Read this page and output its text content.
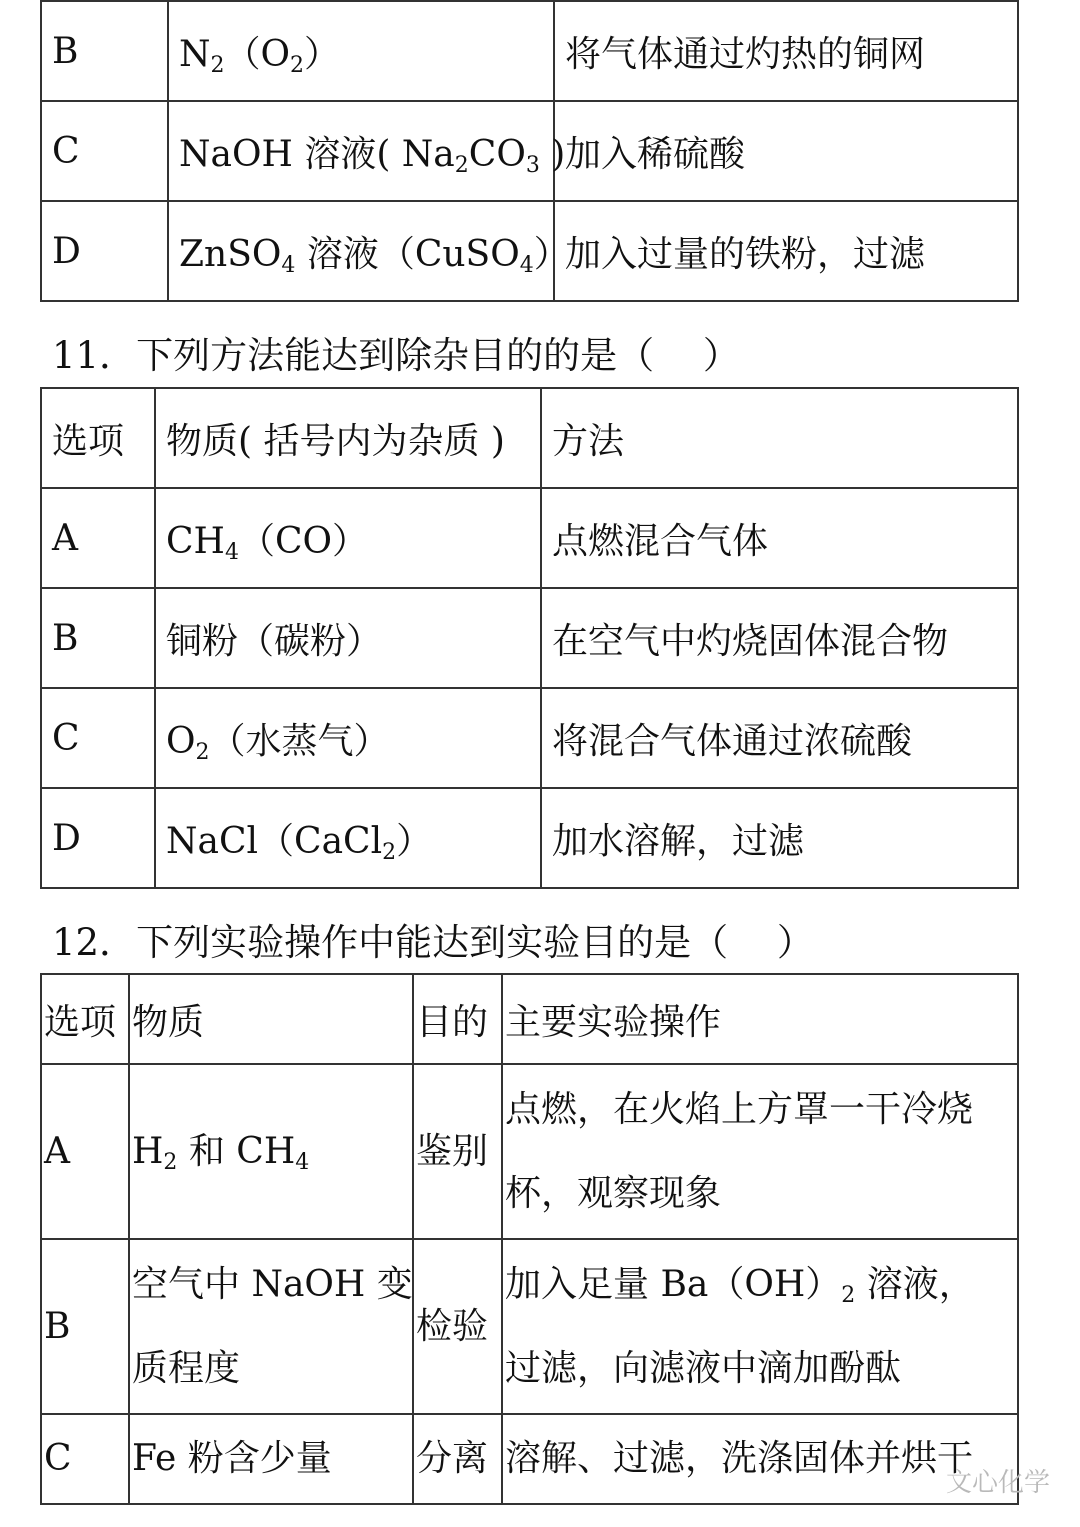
B	$N_2(O_2)$	将气体通过灼热的铜网
C	NaOH 溶液( $Na_2CO_3$ )	加入稀硫酸
D	ZnSO$_4$ 溶液（CuSO$_4$）	加入过量的铁粉，过滤
11．下列方法能达到除杂目的的是（　 ）
选项	物质( 括号内为杂质 )	方法
A	$CH_4(CO)$	点燃混合气体
B	铜粉（碳粉）	在空气中灼烧固体混合物
C	$O_2$（水蒸气）	将混合气体通过浓硫酸
D	NaCl（CaCl$_2$）	加水溶解，过滤
12．下列实验操作中能达到实验目的是（　 ）
选项	物质	目的	主要实验操作
A	$H_2$ 和 $CH_4$	鉴别	点燃，在火焰上方罩一干冷烧
杯，观察现象
B	空气中 NaOH 变
质程度	检验	加入足量 $Ba(OH)_2$ 溶液，
过滤，向滤液中滴加酚酞
C	Fe 粉含少量	分离	溶解、过滤，洗涤固体并烘干
文心化学
